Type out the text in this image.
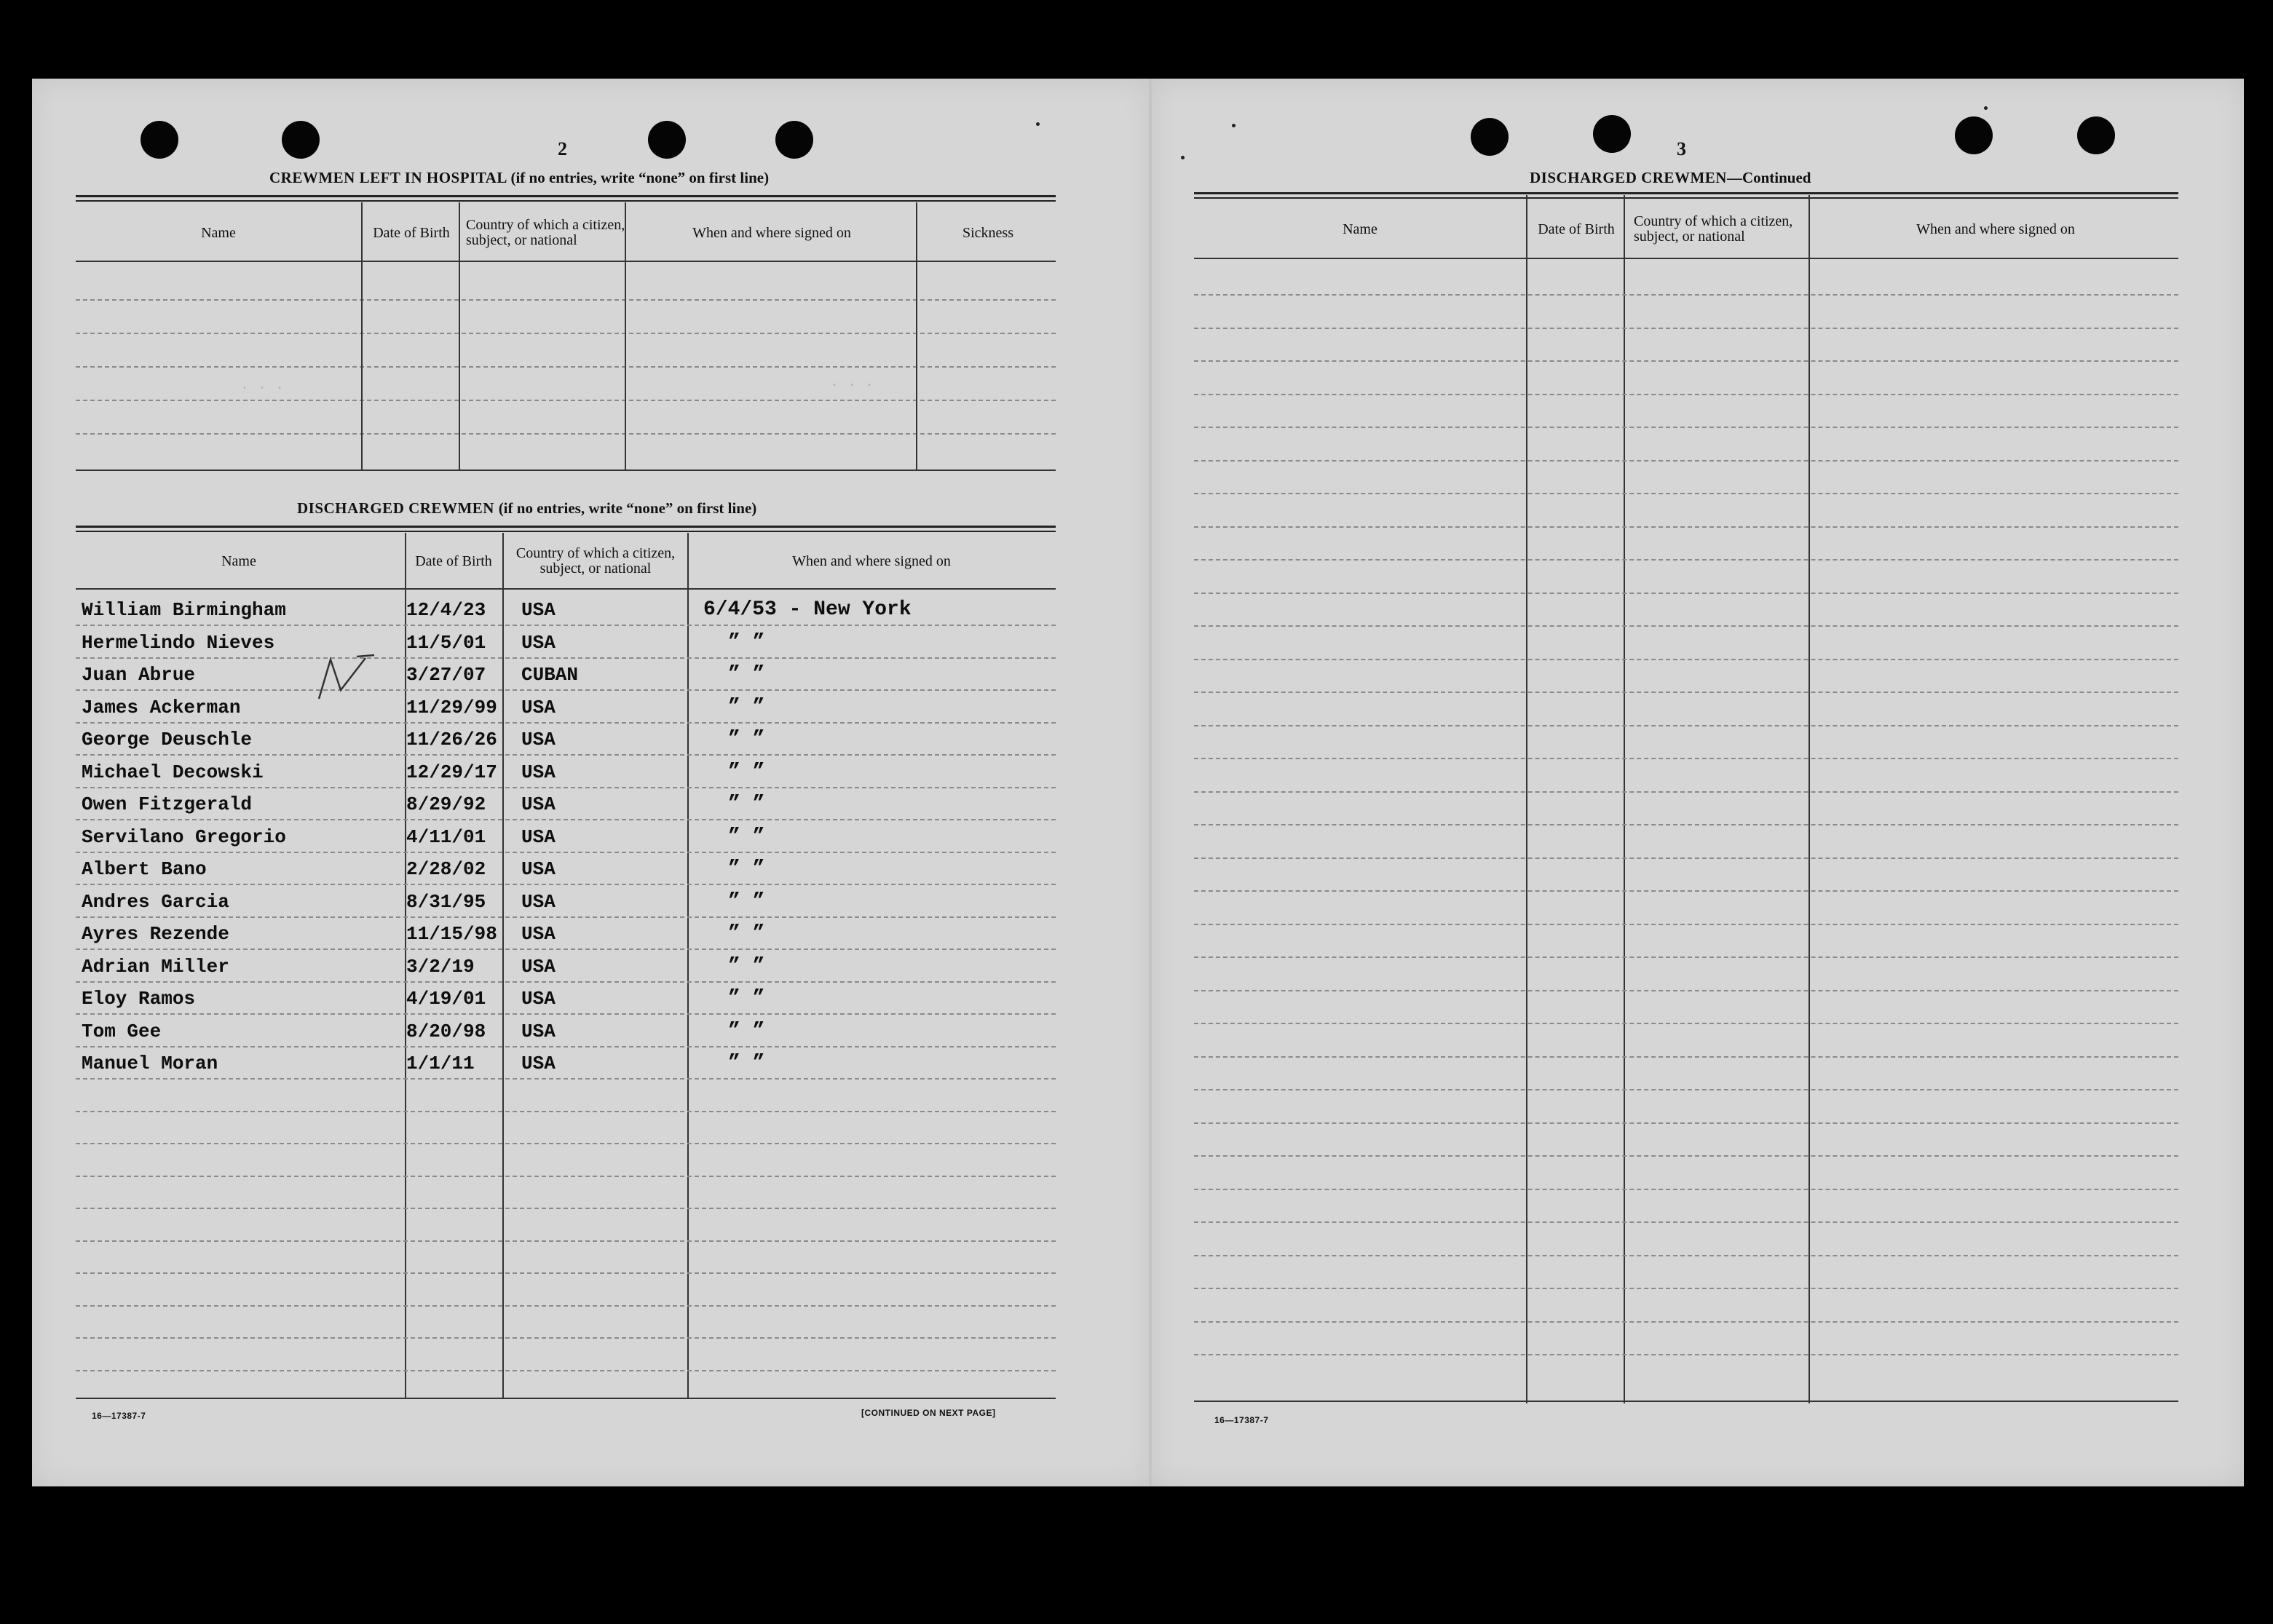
2
CREWMEN LEFT IN HOSPITAL (if no entries, write “none” on first line)
Name	Date of Birth	Country of which a citizen, subject, or national	When and where signed on	Sickness
DISCHARGED CREWMEN (if no entries, write “none” on first line)
Name	Date of Birth	Country of which a citizen, subject, or national	When and where signed on
William Birmingham	12/4/23 USA	6/4/53 - New York
Hermelindo Nieves	11/5/01 USA	” ”
Juan Abrue	3/27/07 CUBAN	” ”
James Ackerman	11/29/99 USA	” ”
George Deuschle	11/26/26 USA	” ”
Michael Decowski	12/29/17 USA	” ”
Owen Fitzgerald	8/29/92 USA	” ”
Servilano Gregorio	4/11/01 USA	” ”
Albert Bano	2/28/02 USA	” ”
Andres Garcia	8/31/95 USA	” ”
Ayres Rezende	11/15/98 USA	” ”
Adrian Miller	3/2/19 USA	” ”
Eloy Ramos	4/19/01 USA	” ”
Tom Gee	8/20/98 USA	” ”
Manuel Moran	1/1/11 USA	” ”
16—17387-7	[CONTINUED ON NEXT PAGE]
· · ·	· · ·
3
DISCHARGED CREWMEN—Continued
Name	Date of Birth	Country of which a citizen, subject, or national	When and where signed on
16—17387-7
